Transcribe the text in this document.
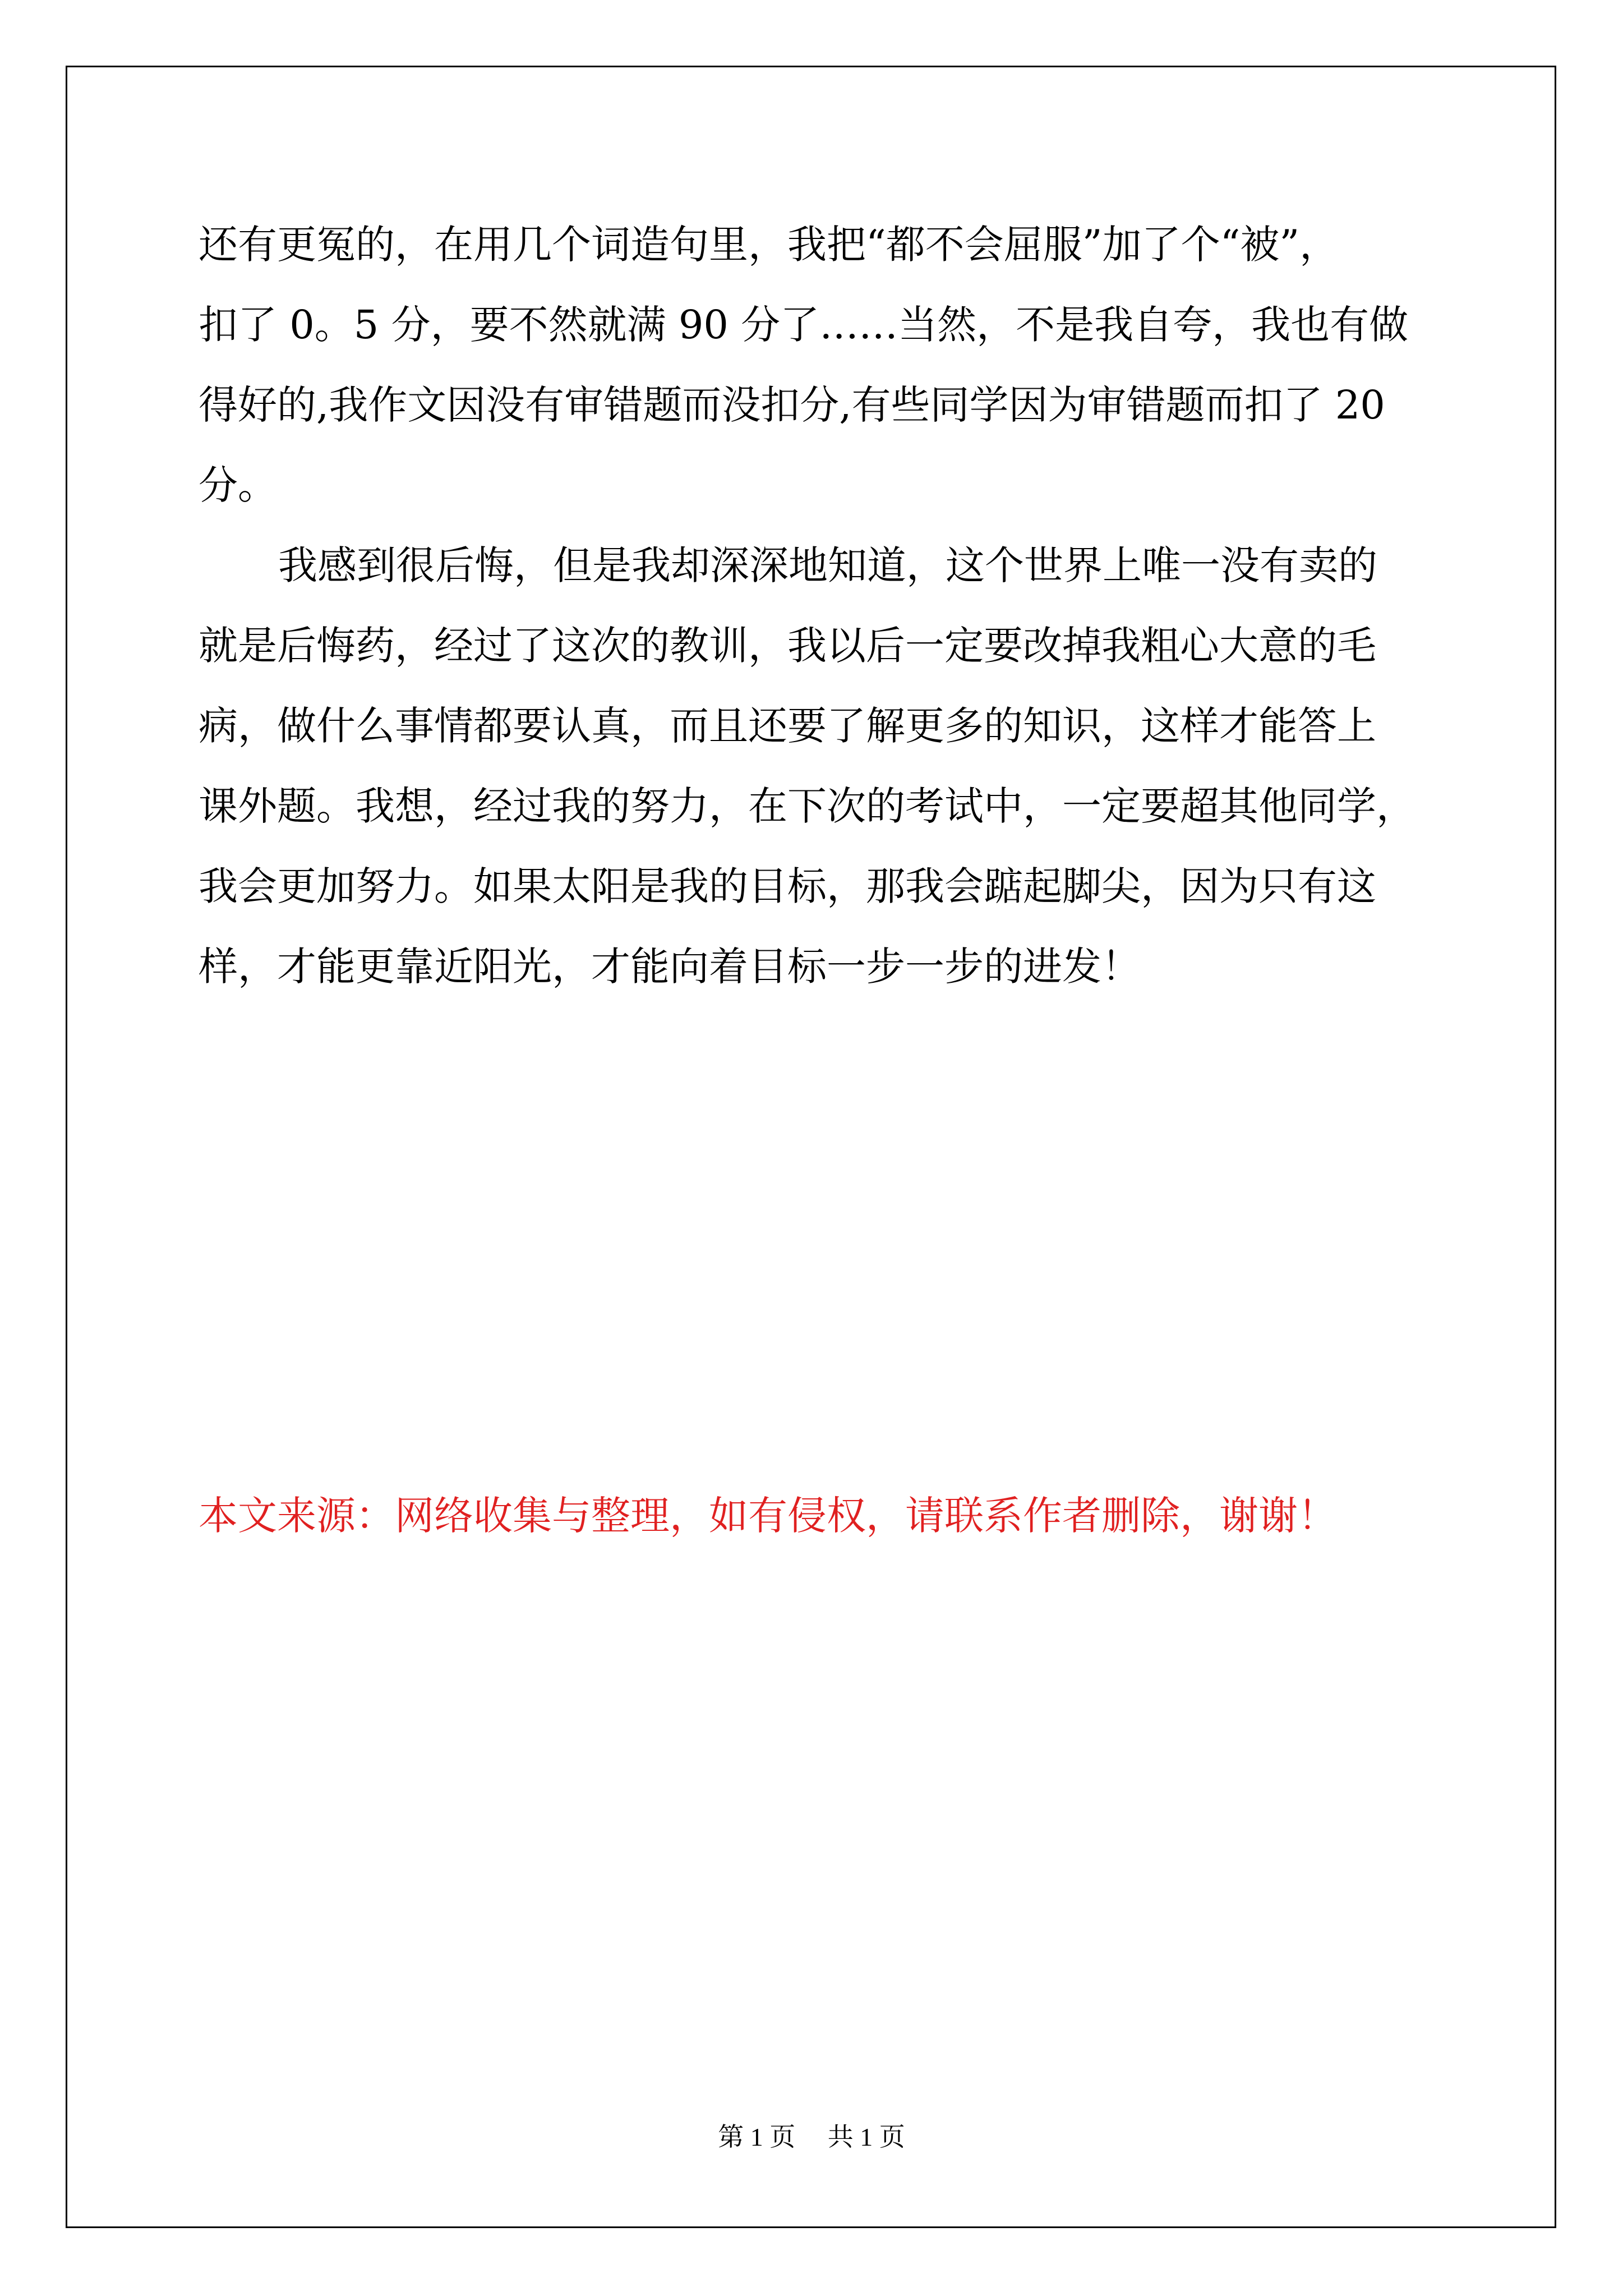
还有更冤的，在用几个词造句里，我把“都不会屈服”加了个“被”，

扣了 0。5 分，要不然就满 90 分了……当然，不是我自夸，我也有做

得好的,我作文因没有审错题而没扣分,有些同学因为审错题而扣了 20

分。

我感到很后悔，但是我却深深地知道，这个世界上唯一没有卖的

就是后悔药，经过了这次的教训，我以后一定要改掉我粗心大意的毛

病，做什么事情都要认真，而且还要了解更多的知识，这样才能答上

课外题。我想，经过我的努力，在下次的考试中，一定要超其他同学，

我会更加努力。如果太阳是我的目标，那我会踮起脚尖，因为只有这

样，才能更靠近阳光，才能向着目标一步一步的进发！

本文来源：网络收集与整理，如有侵权，请联系作者删除，谢谢！
第 1 页 共 1 页
